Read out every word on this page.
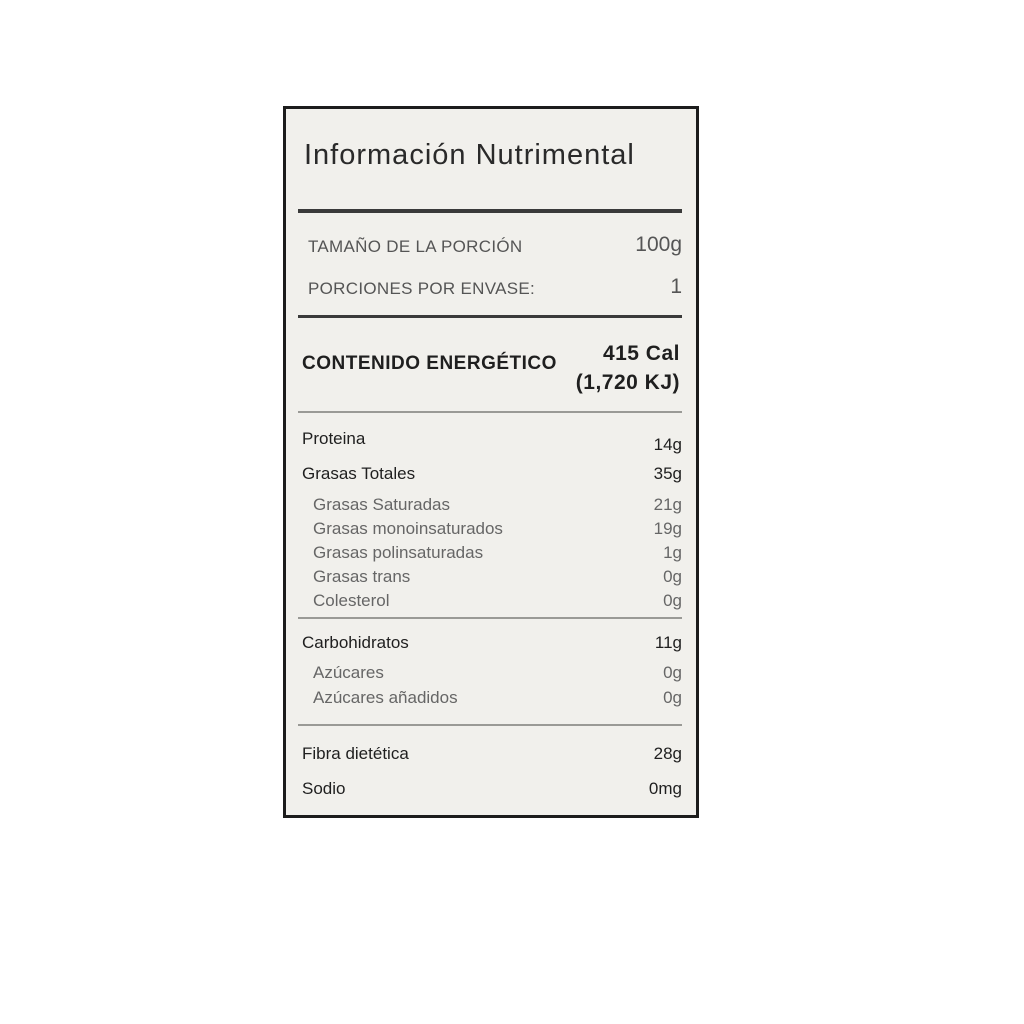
Información Nutrimental
TAMAÑO DE LA PORCIÓN	100g
PORCIONES POR ENVASE:	1
CONTENIDO ENERGÉTICO	415 Cal
(1,720 KJ)
Proteina	14g
Grasas Totales	35g
Grasas Saturadas	21g
Grasas monoinsaturados	19g
Grasas polinsaturadas	1g
Grasas trans	0g
Colesterol	0g
Carbohidratos	11g
Azúcares	0g
Azúcares añadidos	0g
Fibra dietética	28g
Sodio	0mg
